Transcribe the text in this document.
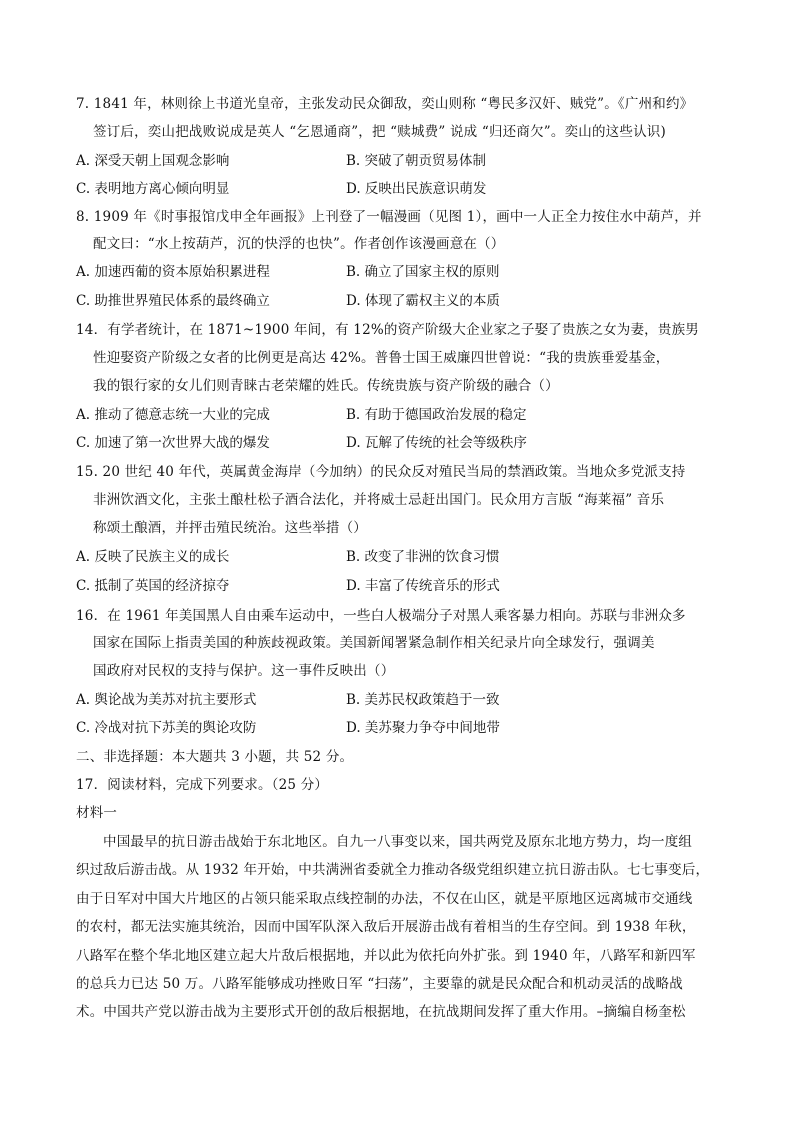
7. 1841 年，林则徐上书道光皇帝，主张发动民众御敌，奕山则称 “粤民多汉奸、贼党”。《广州和约》
签订后，奕山把战败说成是英人 “乞恩通商”，把 “赎城费” 说成 “归还商欠”。奕山的这些认识)
A. 深受天朝上国观念影响	B. 突破了朝贡贸易体制
C. 表明地方离心倾向明显	D. 反映出民族意识萌发
8. 1909 年《时事报馆戊申全年画报》上刊登了一幅漫画（见图 1），画中一人正全力按住水中葫芦，并
配文曰：“水上按葫芦，沉的快浮的也快”。作者创作该漫画意在（）
A. 加速西葡的资本原始积累进程	B. 确立了国家主权的原则
C. 助推世界殖民体系的最终确立	D. 体现了霸权主义的本质
14．有学者统计，在 1871~1900 年间，有 12%的资产阶级大企业家之子娶了贵族之女为妻，贵族男
性迎娶资产阶级之女者的比例更是高达 42%。普鲁士国王威廉四世曾说：“我的贵族垂爱基金，
我的银行家的女儿们则青睐古老荣耀的姓氏。传统贵族与资产阶级的融合（）
A. 推动了德意志统一大业的完成	B. 有助于德国政治发展的稳定
C. 加速了第一次世界大战的爆发	D. 瓦解了传统的社会等级秩序
15. 20 世纪 40 年代，英属黄金海岸（今加纳）的民众反对殖民当局的禁酒政策。当地众多党派支持
非洲饮酒文化，主张土酿杜松子酒合法化，并将威士忌赶出国门。民众用方言版 “海莱福” 音乐
称颂土酿酒，并抨击殖民统治。这些举措（）
A. 反映了民族主义的成长	B. 改变了非洲的饮食习惯
C. 抵制了英国的经济掠夺	D. 丰富了传统音乐的形式
16．在 1961 年美国黑人自由乘车运动中，一些白人极端分子对黑人乘客暴力相向。苏联与非洲众多
国家在国际上指责美国的种族歧视政策。美国新闻署紧急制作相关纪录片向全球发行，强调美
国政府对民权的支持与保护。这一事件反映出（）
A. 舆论战为美苏对抗主要形式	B. 美苏民权政策趋于一致
C. 冷战对抗下苏美的舆论攻防	D. 美苏聚力争夺中间地带
二、非选择题：本大题共 3 小题，共 52 分。
17．阅读材料，完成下列要求。（25 分）
材料一
中国最早的抗日游击战始于东北地区。自九一八事变以来，国共两党及原东北地方势力，均一度组
织过敌后游击战。从 1932 年开始，中共满洲省委就全力推动各级党组织建立抗日游击队。七七事变后，
由于日军对中国大片地区的占领只能采取点线控制的办法，不仅在山区，就是平原地区远离城市交通线
的农村，都无法实施其统治，因而中国军队深入敌后开展游击战有着相当的生存空间。到 1938 年秋，
八路军在整个华北地区建立起大片敌后根据地，并以此为依托向外扩张。到 1940 年，八路军和新四军
的总兵力已达 50 万。八路军能够成功挫败日军 “扫荡”，主要靠的就是民众配合和机动灵活的战略战
术。中国共产党以游击战为主要形式开创的敌后根据地，在抗战期间发挥了重大作用。–摘编自杨奎松
